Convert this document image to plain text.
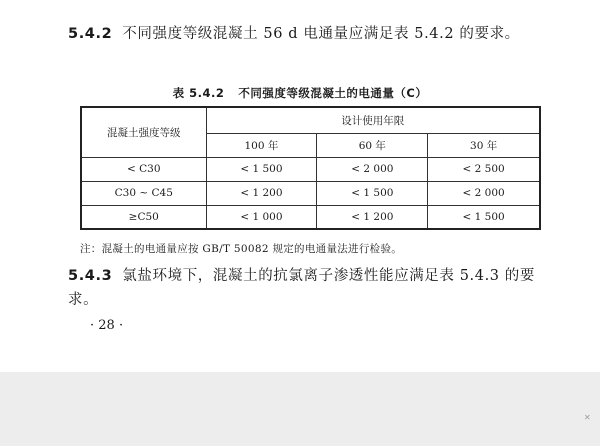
5.4.2 不同强度等级混凝土 56 d 电通量应满足表 5.4.2 的要求。

表 5.4.2 不同强度等级混凝土的电通量（C）
混凝土强度等级	设计使用年限		
	100 年	60 年	30 年
< C30	< 1 500	< 2 000	< 2 500
C30 ~ C45	< 1 200	< 1 500	< 2 000
≥C50	< 1 000	< 1 200	< 1 500

注：混凝土的电通量应按 GB/T 50082 规定的电通量法进行检验。

5.4.3 氯盐环境下，混凝土的抗氯离子渗透性能应满足表 5.4.3 的要求。

· 28 ·
✕
